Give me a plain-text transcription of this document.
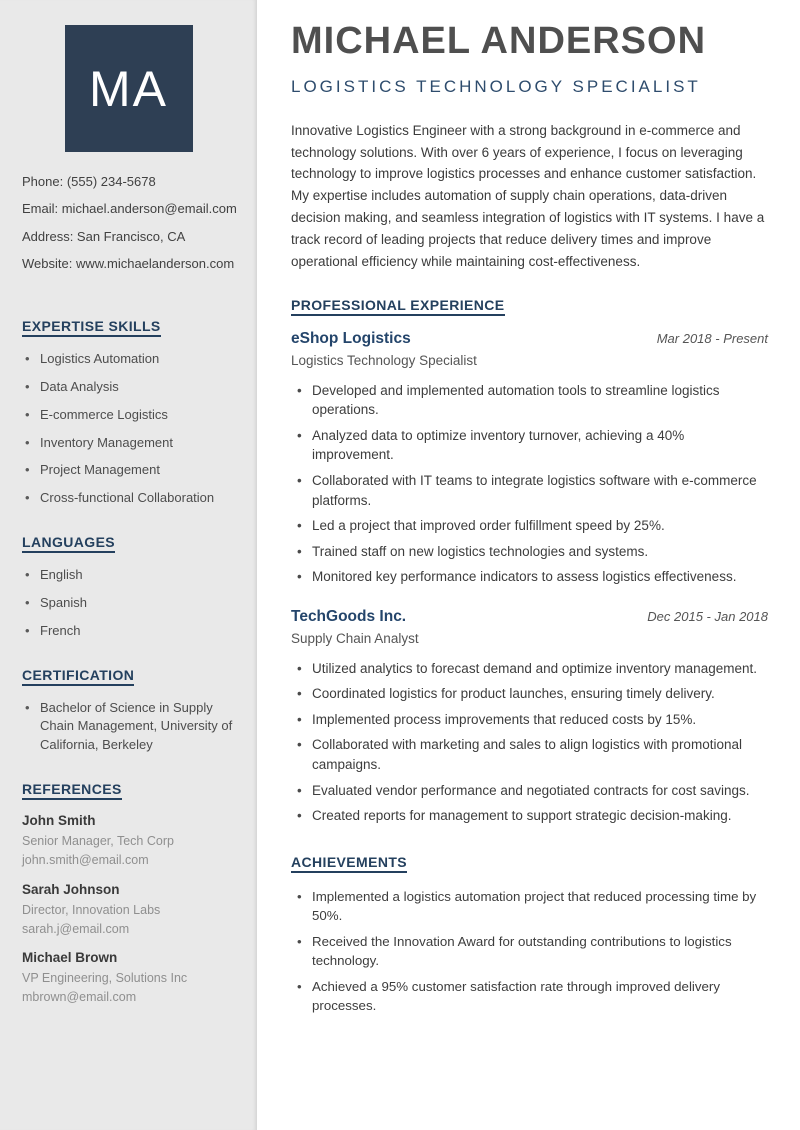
MA

Phone: (555) 234-5678

Email: michael.anderson@email.com

Address: San Francisco, CA

Website: www.michaelanderson.com

EXPERTISE SKILLS
• Logistics Automation
• Data Analysis
• E-commerce Logistics
• Inventory Management
• Project Management
• Cross-functional Collaboration
LANGUAGES
• English
• Spanish
• French
CERTIFICATION
• Bachelor of Science in Supply Chain Management, University of California, Berkeley
REFERENCES

John Smith

Senior Manager, Tech Corp

john.smith@email.com

Sarah Johnson

Director, Innovation Labs

sarah.j@email.com

Michael Brown

VP Engineering, Solutions Inc

mbrown@email.com

MICHAEL ANDERSON

LOGISTICS TECHNOLOGY SPECIALIST

Innovative Logistics Engineer with a strong background in e-commerce and technology solutions. With over 6 years of experience, I focus on leveraging technology to improve logistics processes and enhance customer satisfaction. My expertise includes automation of supply chain operations, data-driven decision making, and seamless integration of logistics with IT systems. I have a track record of leading projects that reduce delivery times and improve operational efficiency while maintaining cost-effectiveness.

PROFESSIONAL EXPERIENCE
eShop Logistics	Mar 2018 - Present

Logistics Technology Specialist

• Developed and implemented automation tools to streamline logistics operations.
• Analyzed data to optimize inventory turnover, achieving a 40% improvement.
• Collaborated with IT teams to integrate logistics software with e-commerce platforms.
• Led a project that improved order fulfillment speed by 25%.
• Trained staff on new logistics technologies and systems.
• Monitored key performance indicators to assess logistics effectiveness.
TechGoods Inc.	Dec 2015 - Jan 2018

Supply Chain Analyst

• Utilized analytics to forecast demand and optimize inventory management.
• Coordinated logistics for product launches, ensuring timely delivery.
• Implemented process improvements that reduced costs by 15%.
• Collaborated with marketing and sales to align logistics with promotional campaigns.
• Evaluated vendor performance and negotiated contracts for cost savings.
• Created reports for management to support strategic decision-making.
ACHIEVEMENTS
• Implemented a logistics automation project that reduced processing time by 50%.
• Received the Innovation Award for outstanding contributions to logistics technology.
• Achieved a 95% customer satisfaction rate through improved delivery processes.
